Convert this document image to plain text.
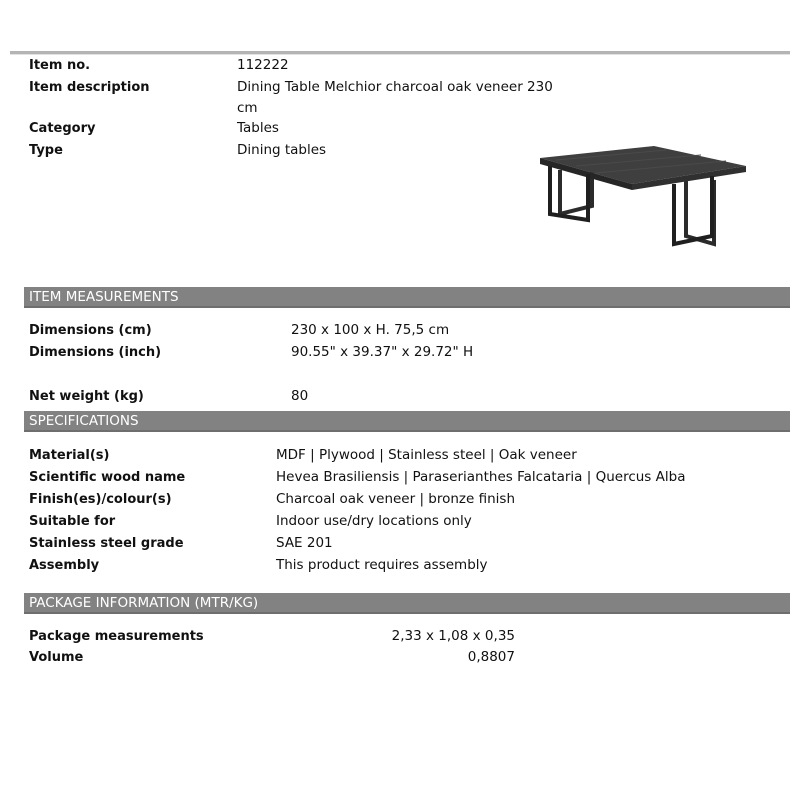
Item no.	112222
Item description	Dining Table Melchior charcoal oak veneer 230 cm
Category	Tables
Type	Dining tables
ITEM MEASUREMENTS
Dimensions (cm)	230 x 100 x H. 75,5 cm
Dimensions (inch)	90.55" x 39.37" x 29.72" H
Net weight (kg)	80
SPECIFICATIONS
Material(s)	MDF | Plywood | Stainless steel | Oak veneer
Scientific wood name	Hevea Brasiliensis | Paraserianthes Falcataria | Quercus Alba
Finish(es)/colour(s)	Charcoal oak veneer | bronze finish
Suitable for	Indoor use/dry locations only
Stainless steel grade	SAE 201
Assembly	This product requires assembly
PACKAGE INFORMATION (MTR/KG)
Package measurements	2,33 x 1,08 x 0,35
Volume	0,8807
